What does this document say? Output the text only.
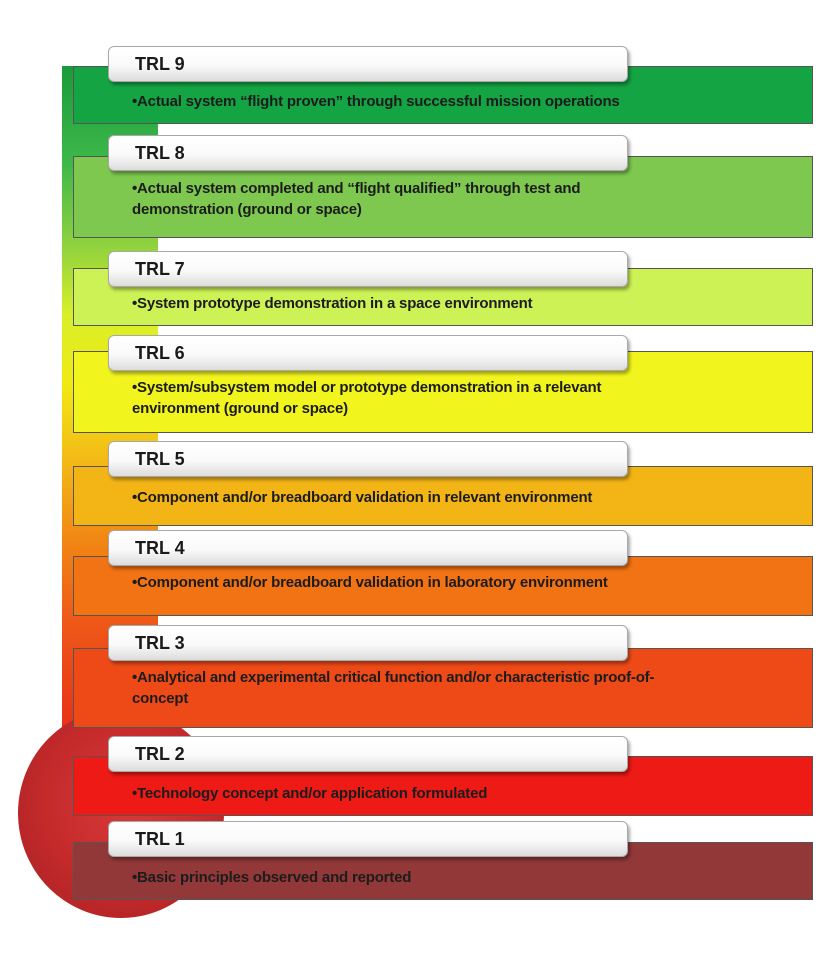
•Actual system “flight proven” through successful mission operations
TRL 9
•Actual system completed and “flight qualified” through test and
demonstration (ground or space)
TRL 8
•System prototype demonstration in a space environment
TRL 7
•System/subsystem model or prototype demonstration in a relevant
environment (ground or space)
TRL 6
•Component and/or breadboard validation in relevant environment
TRL 5
•Component and/or breadboard validation in laboratory environment
TRL 4
•Analytical and experimental critical function and/or characteristic proof-of-
concept
TRL 3
•Technology concept and/or application formulated
TRL 2
•Basic principles observed and reported
TRL 1
